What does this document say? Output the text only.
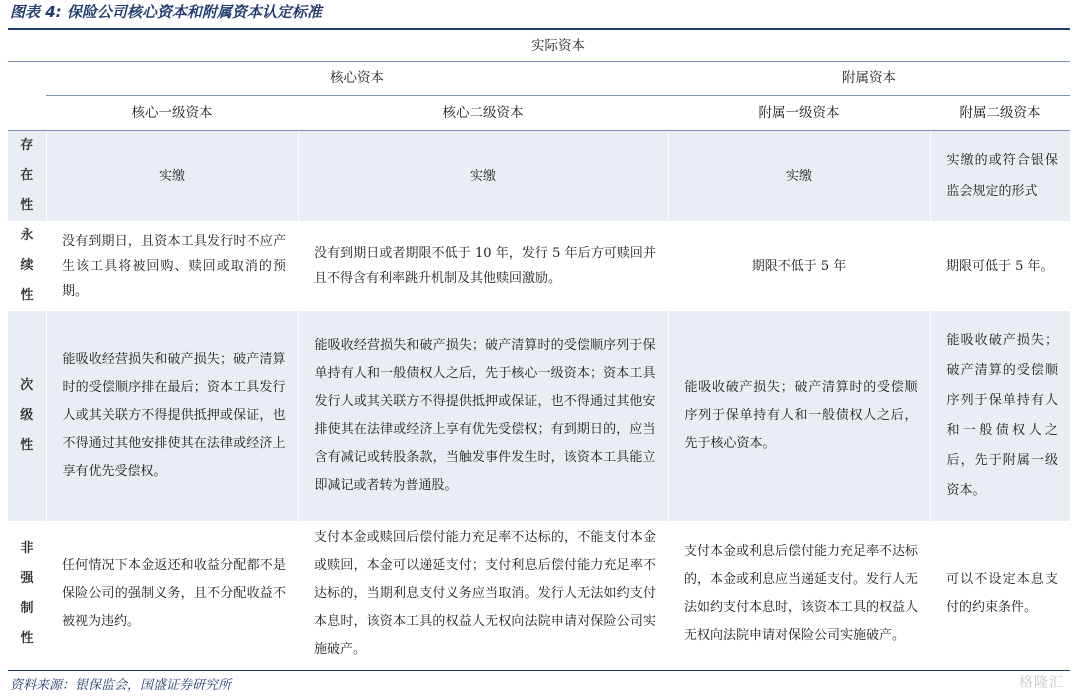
图表 4: 保险公司核心资本和附属资本认定标准
	实际资本			
	核心资本		附属资本	
	核心一级资本	核心二级资本	附属一级资本	附属二级资本

存
在
性	实缴	实缴	实缴	实缴的或符合银保监会规定的形式

永
续
性	没有到期日，且资本工具发行时不应产生该工具将被回购、赎回或取消的预期。	没有到期日或者期限不低于 10 年，发行 5 年后方可赎回并且不得含有利率跳升机制及其他赎回激励。	期限不低于 5 年	期限可低于 5 年。

次
级
性	能吸收经营损失和破产损失；破产清算时的受偿顺序排在最后；资本工具发行人或其关联方不得提供抵押或保证，也不得通过其他安排使其在法律或经济上享有优先受偿权。	能吸收经营损失和破产损失；破产清算时的受偿顺序列于保单持有人和一般债权人之后，先于核心一级资本；资本工具发行人或其关联方不得提供抵押或保证，也不得通过其他安排使其在法律或经济上享有优先受偿权；有到期日的，应当含有减记或转股条款，当触发事件发生时，该资本工具能立即减记或者转为普通股。	能吸收破产损失；破产清算时的受偿顺序列于保单持有人和一般债权人之后，先于核心资本。	能吸收破产损失；破产清算的受偿顺序列于保单持有人和一般债权人之后，先于附属一级资本。

非
强
制
性	任何情况下本金返还和收益分配都不是保险公司的强制义务，且不分配收益不被视为违约。	支付本金或赎回后偿付能力充足率不达标的，不能支付本金或赎回，本金可以递延支付；支付利息后偿付能力充足率不达标的，当期利息支付义务应当取消。发行人无法如约支付本息时，该资本工具的权益人无权向法院申请对保险公司实施破产。	支付本金或利息后偿付能力充足率不达标的，本金或利息应当递延支付。发行人无法如约支付本息时，该资本工具的权益人无权向法院申请对保险公司实施破产。	可以不设定本息支付的约束条件。
资料来源：银保监会，国盛证券研究所	格隆汇
